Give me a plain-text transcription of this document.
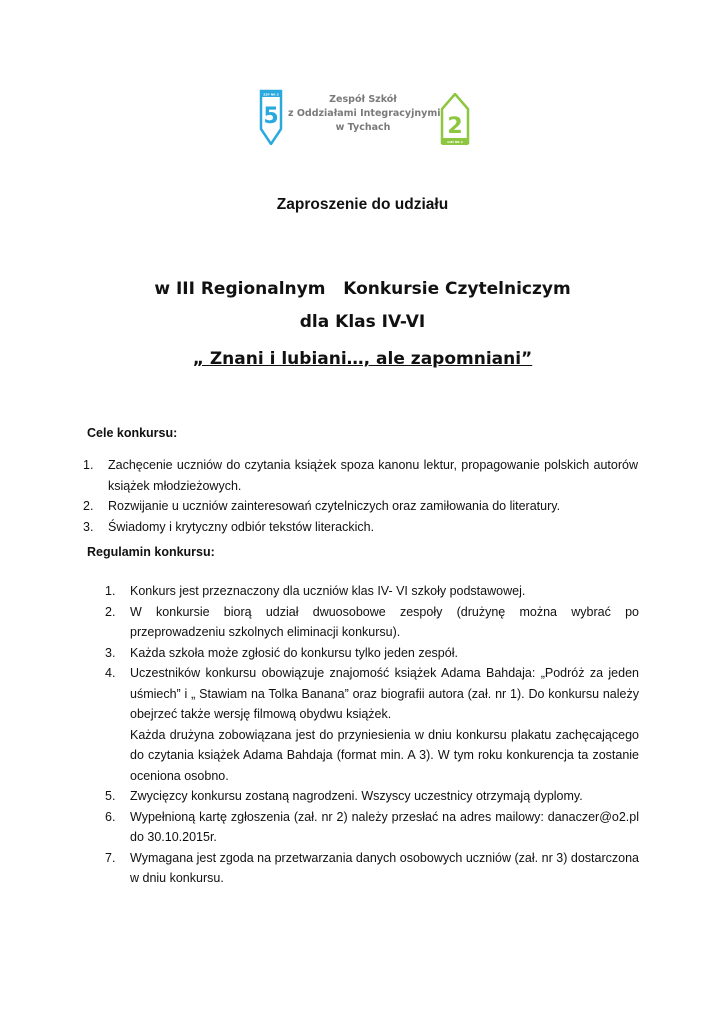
ZSP NR 5
5
Zespół Szkół
z Oddziałami Integracyjnymi
w Tychach
GIM NR 2
2
Zaproszenie do udziału
w III Regionalnym   Konkursie Czytelniczym
dla Klas IV-VI
„ Znani i lubiani…, ale zapomniani”
Cele konkursu:
1. Zachęcenie uczniów do czytania książek spoza kanonu lektur, propagowanie polskich autorów książek młodzieżowych.
2. Rozwijanie u uczniów zainteresowań czytelniczych oraz zamiłowania do literatury.
3. Świadomy i krytyczny odbiór tekstów literackich.
Regulamin konkursu:
1. Konkurs jest przeznaczony dla uczniów klas IV- VI szkoły podstawowej.
2. W konkursie biorą udział dwuosobowe zespoły (drużynę można wybrać po przeprowadzeniu szkolnych eliminacji konkursu).
3. Każda szkoła może zgłosić do konkursu tylko jeden zespół.
4. Uczestników konkursu obowiązuje znajomość książek Adama Bahdaja: „Podróż za jeden uśmiech” i „ Stawiam na Tolka Banana” oraz biografii autora (zał. nr 1). Do konkursu należy obejrzeć także wersję filmową obydwu książek.
Każda drużyna zobowiązana jest do przyniesienia w dniu konkursu plakatu zachęcającego do czytania książek Adama Bahdaja (format min. A 3). W tym roku konkurencja ta zostanie oceniona osobno.
5. Zwycięzcy konkursu zostaną nagrodzeni. Wszyscy uczestnicy otrzymają dyplomy.
6. Wypełnioną kartę zgłoszenia (zał. nr 2) należy przesłać na adres mailowy: danaczer@o2.pl do 30.10.2015r.
7. Wymagana jest zgoda na przetwarzania danych osobowych uczniów (zał. nr 3) dostarczona w dniu konkursu.
